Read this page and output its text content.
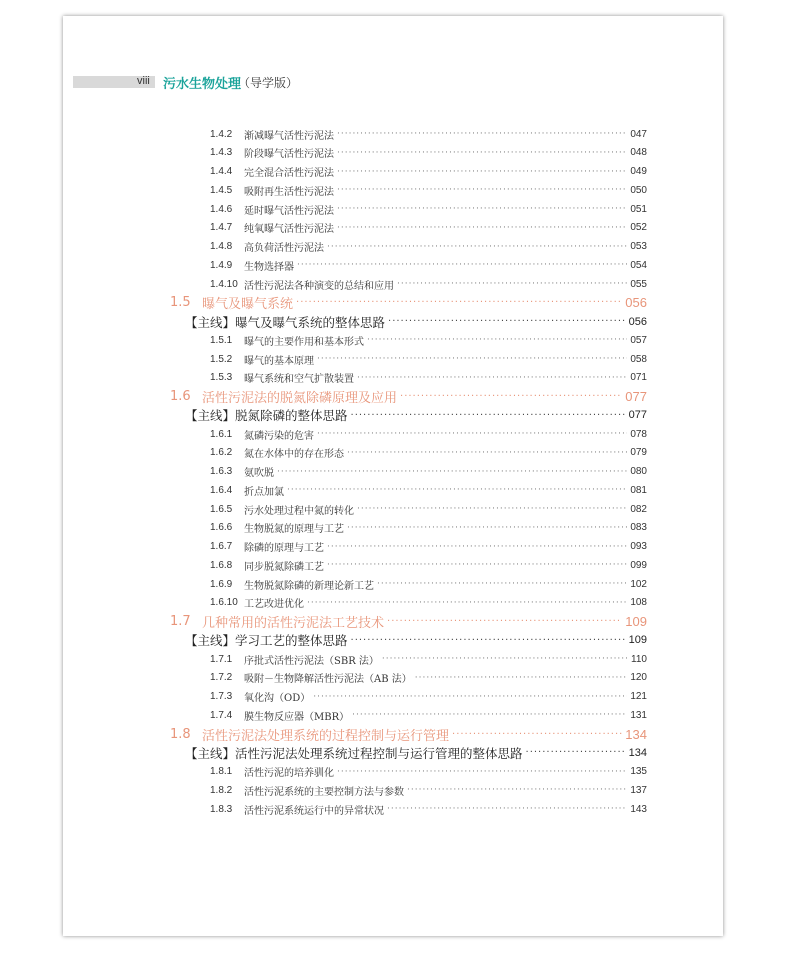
viii 污水生物处理
（导学版）
1.4.2	渐减曝气活性污泥法 ·····	047
1.4.3	阶段曝气活性污泥法 ·····	048
1.4.4	完全混合活性污泥法 ·····	049
1.4.5	吸附再生活性污泥法 ·····	050
1.4.6	延时曝气活性污泥法 ·····	051
1.4.7	纯氧曝气活性污泥法 ·····	052
1.4.8	高负荷活性污泥法 ·····	053
1.4.9	生物选择器 ·····	054
1.4.10 活性污泥法各种演变的总结和应用 ·····	055
1.5 曝气及曝气系统 ·····	056
【主线】曝气及曝气系统的整体思路 ·····	056
1.5.1	曝气的主要作用和基本形式 ·····	057
1.5.2	曝气的基本原理 ·····	058
1.5.3	曝气系统和空气扩散装置 ·····	071
1.6 活性污泥法的脱氮除磷原理及应用 ·····	077
【主线】脱氮除磷的整体思路 ·····	077
1.6.1	氮磷污染的危害 ·····	078
1.6.2	氮在水体中的存在形态 ·····	079
1.6.3	氨吹脱 ·····	080
1.6.4	折点加氯 ·····	081
1.6.5	污水处理过程中氮的转化 ·····	082
1.6.6	生物脱氮的原理与工艺 ·····	083
1.6.7	除磷的原理与工艺 ·····	093
1.6.8	同步脱氮除磷工艺 ·····	099
1.6.9	生物脱氮除磷的新理论新工艺 ·····	102
1.6.10 工艺改进优化 ·····	108
1.7 几种常用的活性污泥法工艺技术 ·····	109
【主线】学习工艺的整体思路 ·····	109
1.7.1	序批式活性污泥法（SBR 法） ·····	110
1.7.2	吸附－生物降解活性污泥法（AB 法） ·····	120
1.7.3	氧化沟（OD） ·····	121
1.7.4	膜生物反应器（MBR） ·····	131
1.8 活性污泥法处理系统的过程控制与运行管理 ·····	134
【主线】活性污泥法处理系统过程控制与运行管理的整体思路 ·····	134
1.8.1	活性污泥的培养驯化 ·····	135
1.8.2	活性污泥系统的主要控制方法与参数 ·····	137
1.8.3	活性污泥系统运行中的异常状况 ·····	143
